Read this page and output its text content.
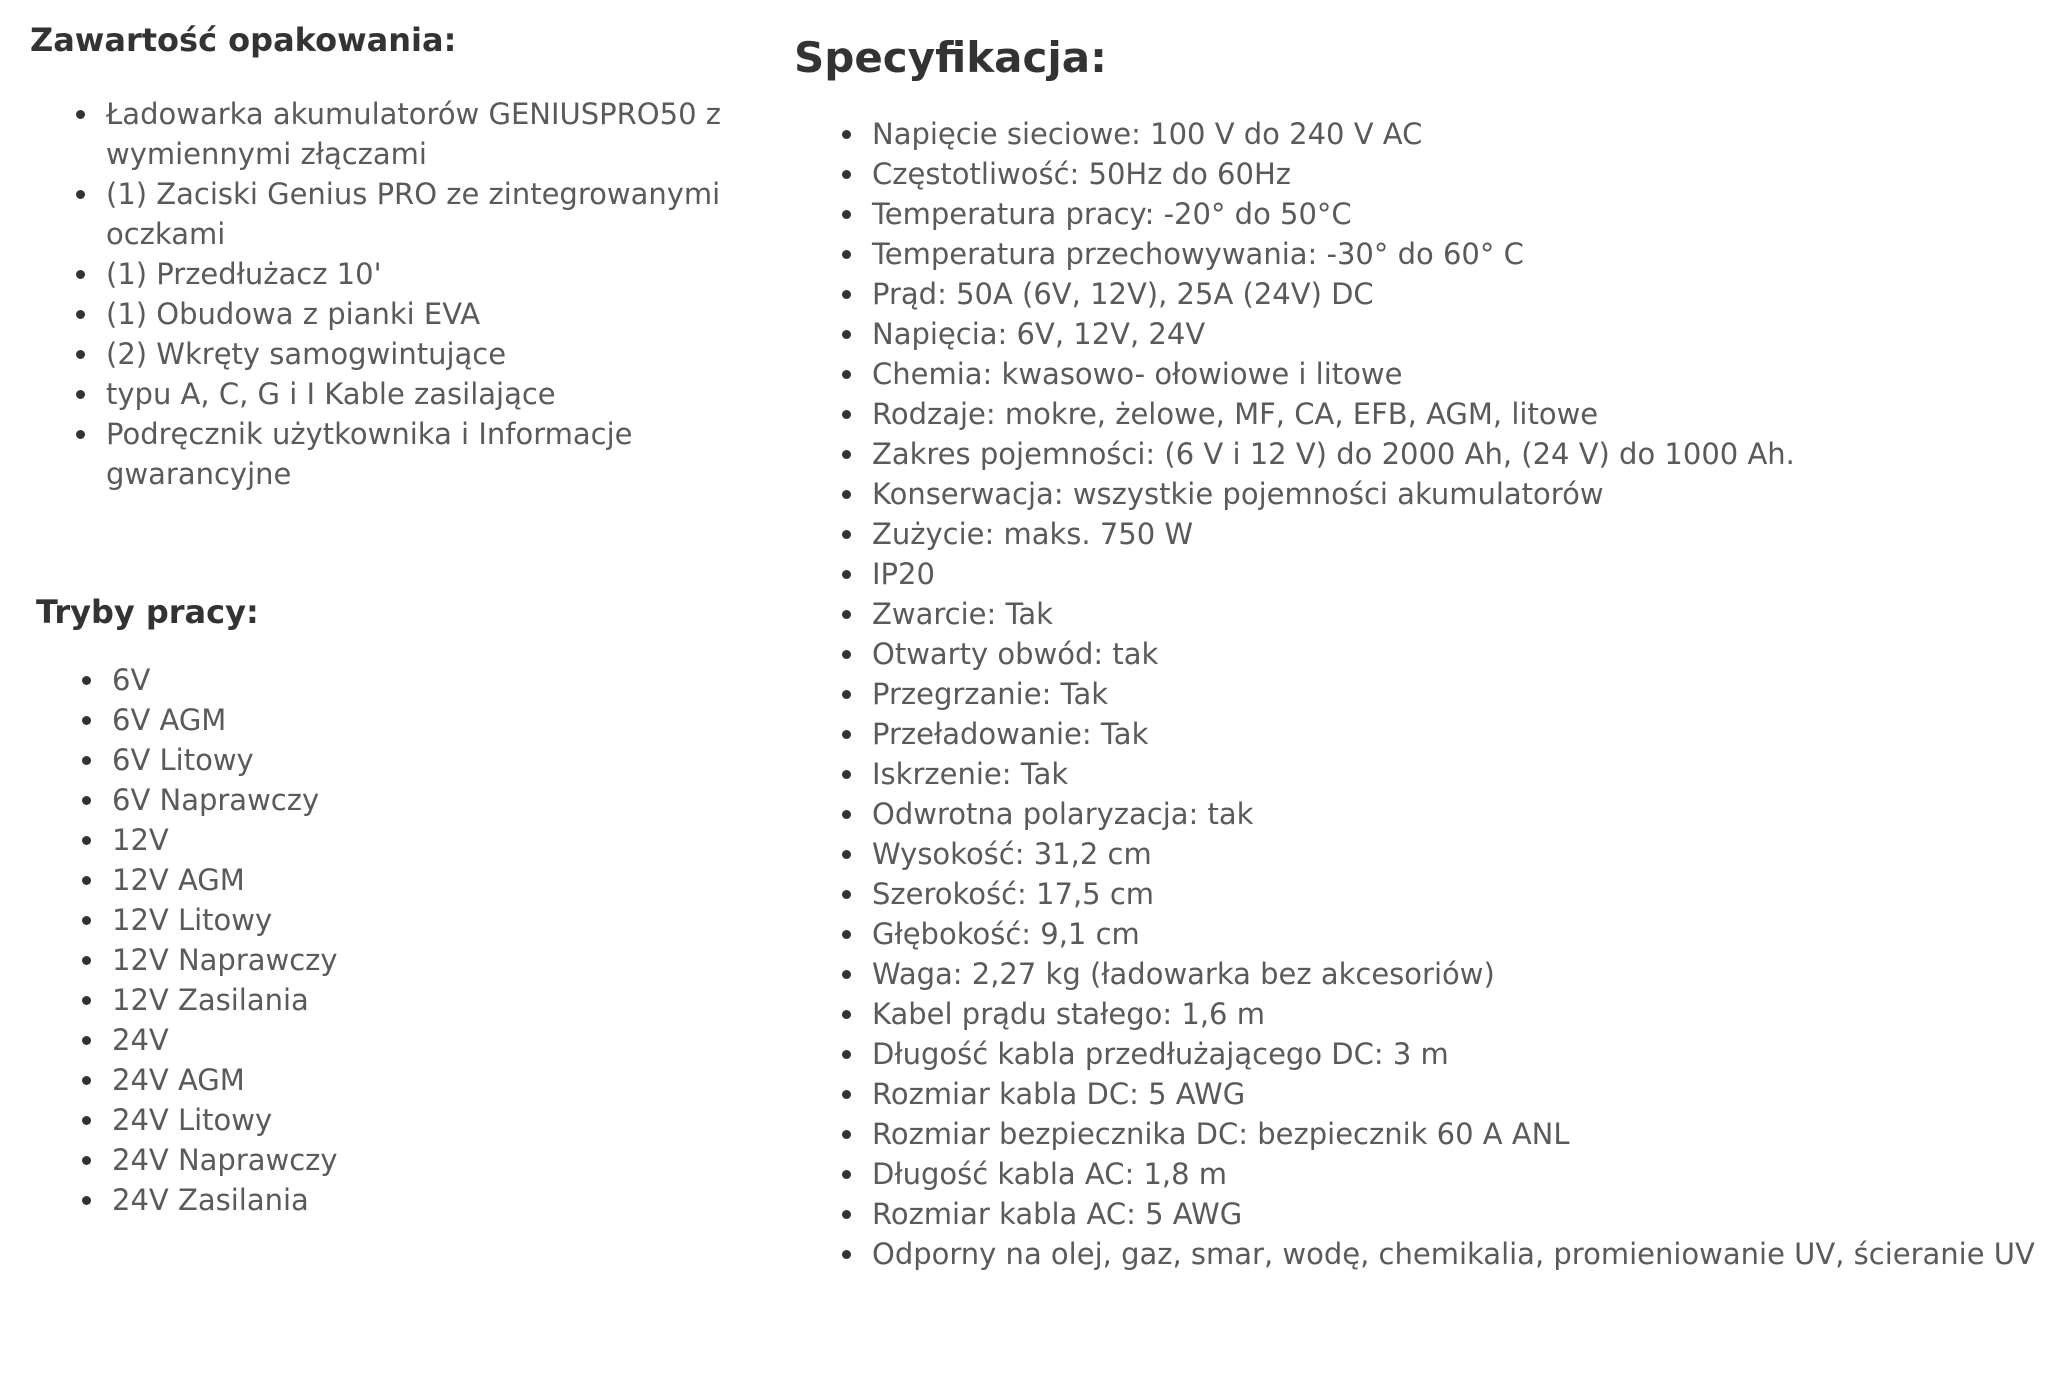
Zawartość opakowania:
Ładowarka akumulatorów GENIUSPRO50 z wymiennymi złączami
(1) Zaciski Genius PRO ze zintegrowanymi oczkami
(1) Przedłużacz 10'
(1) Obudowa z pianki EVA
(2) Wkręty samogwintujące
typu A, C, G i I Kable zasilające
Podręcznik użytkownika i Informacje gwarancyjne
Tryby pracy:
6V
6V AGM
6V Litowy
6V Naprawczy
12V
12V AGM
12V Litowy
12V Naprawczy
12V Zasilania
24V
24V AGM
24V Litowy
24V Naprawczy
24V Zasilania
Specyfikacja:
Napięcie sieciowe: 100 V do 240 V AC
Częstotliwość: 50Hz do 60Hz
Temperatura pracy: -20° do 50°C
Temperatura przechowywania: -30° do 60° C
Prąd: 50A (6V, 12V), 25A (24V) DC
Napięcia: 6V, 12V, 24V
Chemia: kwasowo- ołowiowe i litowe
Rodzaje: mokre, żelowe, MF, CA, EFB, AGM, litowe
Zakres pojemności: (6 V i 12 V) do 2000 Ah, (24 V) do 1000 Ah.
Konserwacja: wszystkie pojemności akumulatorów
Zużycie: maks. 750 W
IP20
Zwarcie: Tak
Otwarty obwód: tak
Przegrzanie: Tak
Przeładowanie: Tak
Iskrzenie: Tak
Odwrotna polaryzacja: tak
Wysokość: 31,2 cm
Szerokość: 17,5 cm
Głębokość: 9,1 cm
Waga: 2,27 kg (ładowarka bez akcesoriów)
Kabel prądu stałego: 1,6 m
Długość kabla przedłużającego DC: 3 m
Rozmiar kabla DC: 5 AWG
Rozmiar bezpiecznika DC: bezpiecznik 60 A ANL
Długość kabla AC: 1,8 m
Rozmiar kabla AC: 5 AWG
Odporny na olej, gaz, smar, wodę, chemikalia, promieniowanie UV, ścieranie UV
